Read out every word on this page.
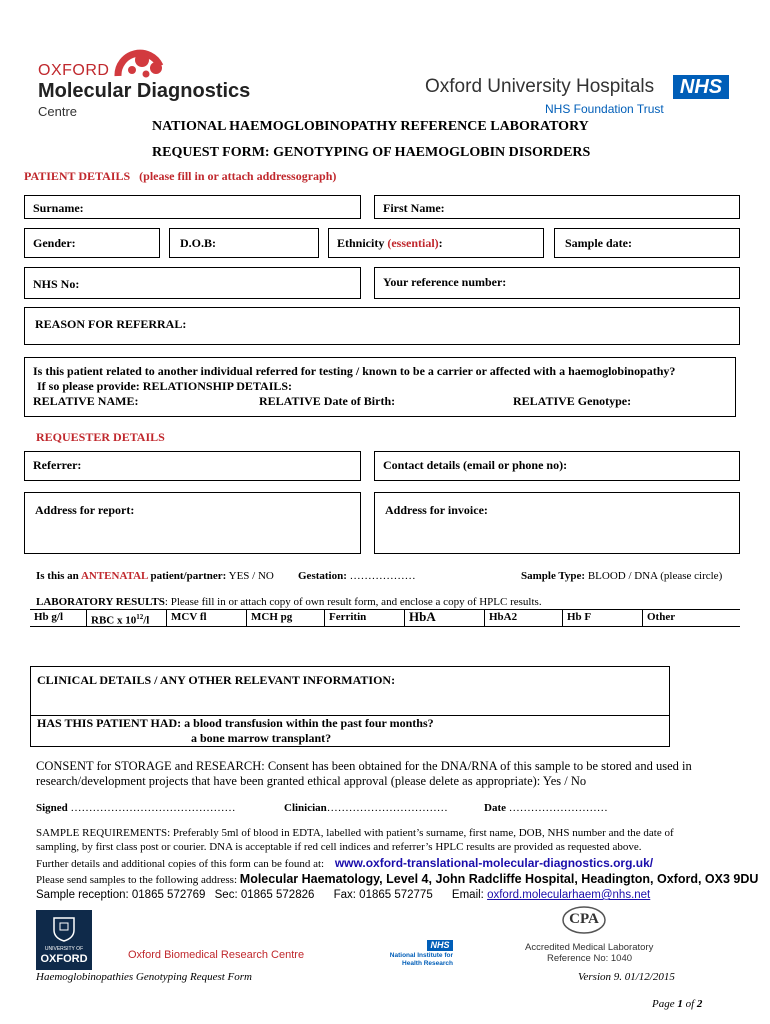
OXFORD
Molecular Diagnostics
Centre
Oxford University Hospitals	NHS
NHS Foundation Trust
NATIONAL HAEMOGLOBINOPATHY REFERENCE LABORATORY
REQUEST FORM: GENOTYPING OF HAEMOGLOBIN DISORDERS
PATIENT DETAILS (please fill in or attach addressograph)
Surname:	First Name:
Gender:	D.O.B:	Ethnicity (essential):	Sample date:
NHS No:	Your reference number:
REASON FOR REFERRAL:
Is this patient related to another individual referred for testing / known to be a carrier or affected with a haemoglobinopathy?
If so please provide: RELATIONSHIP DETAILS:
RELATIVE NAME:	RELATIVE Date of Birth:	RELATIVE Genotype:
REQUESTER DETAILS
Referrer:	Contact details (email or phone no):
Address for report:	Address for invoice:
Is this an ANTENATAL patient/partner: YES / NO Gestation: ………………	Sample Type: BLOOD / DNA (please circle)
LABORATORY RESULTS: Please fill in or attach copy of own result form, and enclose a copy of HPLC results.
Hb g/l	RBC x $10^{12}/l$	MCV fl	MCH pg	Ferritin	HbA	HbA2	Hb F	Other
CLINICAL DETAILS / ANY OTHER RELEVANT INFORMATION:
HAS THIS PATIENT HAD: a blood transfusion within the past four months?
a bone marrow transplant?
CONSENT for STORAGE and RESEARCH: Consent has been obtained for the DNA/RNA of this sample to be stored and used in
research/development projects that have been granted ethical approval (please delete as appropriate): Yes / No
Signed ………………………………………	Clinician……………………………	Date ………………………
SAMPLE REQUIREMENTS: Preferably 5ml of blood in EDTA, labelled with patient’s surname, first name, DOB, NHS number and the date of
sampling, by first class post or courier. DNA is acceptable if red cell indices and referrer’s HPLC results are provided as requested above.
Further details and additional copies of this form can be found at: www.oxford-translational-molecular-diagnostics.org.uk/
Please send samples to the following address: Molecular Haematology, Level 4, John Radcliffe Hospital, Headington, Oxford, OX3 9DU
Sample reception: 01865 572769 Sec: 01865 572826 Fax: 01865 572775 Email: oxford.molecularhaem@nhs.net
UNIVERSITY OF
OXFORD	Oxford Biomedical Research Centre
NHS
National Institute for
Health Research
CPA
Accredited Medical Laboratory
Reference No: 1040
Haemoglobinopathies Genotyping Request Form	Version 9. 01/12/2015
Page 1 of 2
